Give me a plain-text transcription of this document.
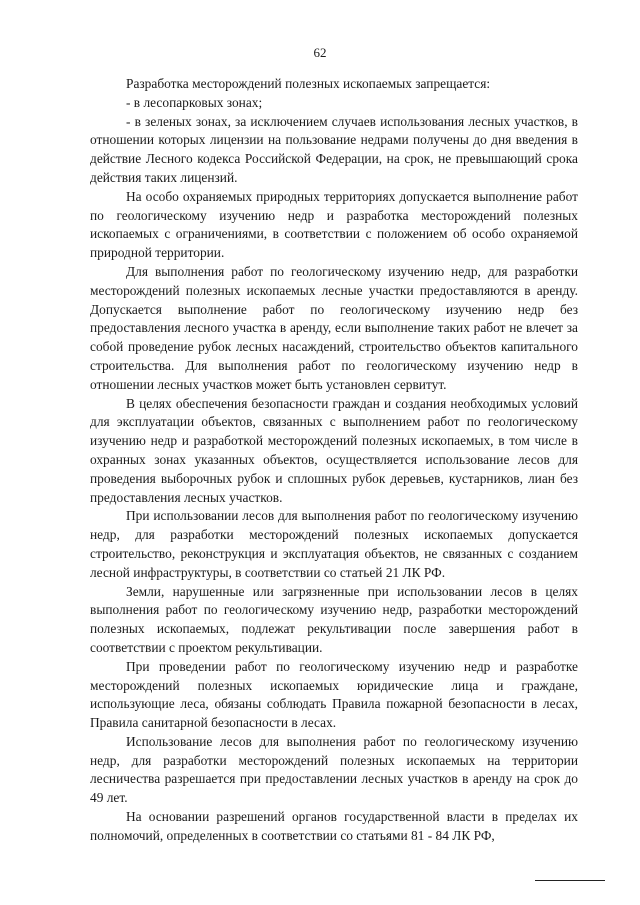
62

Разработка месторождений полезных ископаемых запрещается:

- в лесопарковых зонах;

- в зеленых зонах, за исключением случаев использования лесных участков, в отношении которых лицензии на пользование недрами получены до дня введения в действие Лесного кодекса Российской Федерации, на срок, не превышающий срока действия таких лицензий.

На особо охраняемых природных территориях допускается выполнение работ по геологическому изучению недр и разработка месторождений полезных ископаемых с ограничениями, в соответствии с положением об особо охраняемой природной территории.

Для выполнения работ по геологическому изучению недр, для разработки месторождений полезных ископаемых лесные участки предоставляются в аренду. Допускается выполнение работ по геологическому изучению недр без предоставления лесного участка в аренду, если выполнение таких работ не влечет за собой проведение рубок лесных насаждений, строительство объектов капитального строительства. Для выполнения работ по геологическому изучению недр в отношении лесных участков может быть установлен сервитут.

В целях обеспечения безопасности граждан и создания необходимых условий для эксплуатации объектов, связанных с выполнением работ по геологическому изучению недр и разработкой месторождений полезных ископаемых, в том числе в охранных зонах указанных объектов, осуществляется использование лесов для проведения выборочных рубок и сплошных рубок деревьев, кустарников, лиан без предоставления лесных участков.

При использовании лесов для выполнения работ по геологическому изучению недр, для разработки месторождений полезных ископаемых допускается строительство, реконструкция и эксплуатация объектов, не связанных с созданием лесной инфраструктуры, в соответствии со статьей 21 ЛК РФ.

Земли, нарушенные или загрязненные при использовании лесов в целях выполнения работ по геологическому изучению недр, разработки месторождений полезных ископаемых, подлежат рекультивации после завершения работ в соответствии с проектом рекультивации.

При проведении работ по геологическому изучению недр и разработке месторождений полезных ископаемых юридические лица и граждане, использующие леса, обязаны соблюдать Правила пожарной безопасности в лесах, Правила санитарной безопасности в лесах.

Использование лесов для выполнения работ по геологическому изучению недр, для разработки месторождений полезных ископаемых на территории лесничества разрешается при предоставлении лесных участков в аренду на срок до 49 лет.

На основании разрешений органов государственной власти в пределах их полномочий, определенных в соответствии со статьями 81 - 84 ЛК РФ,
